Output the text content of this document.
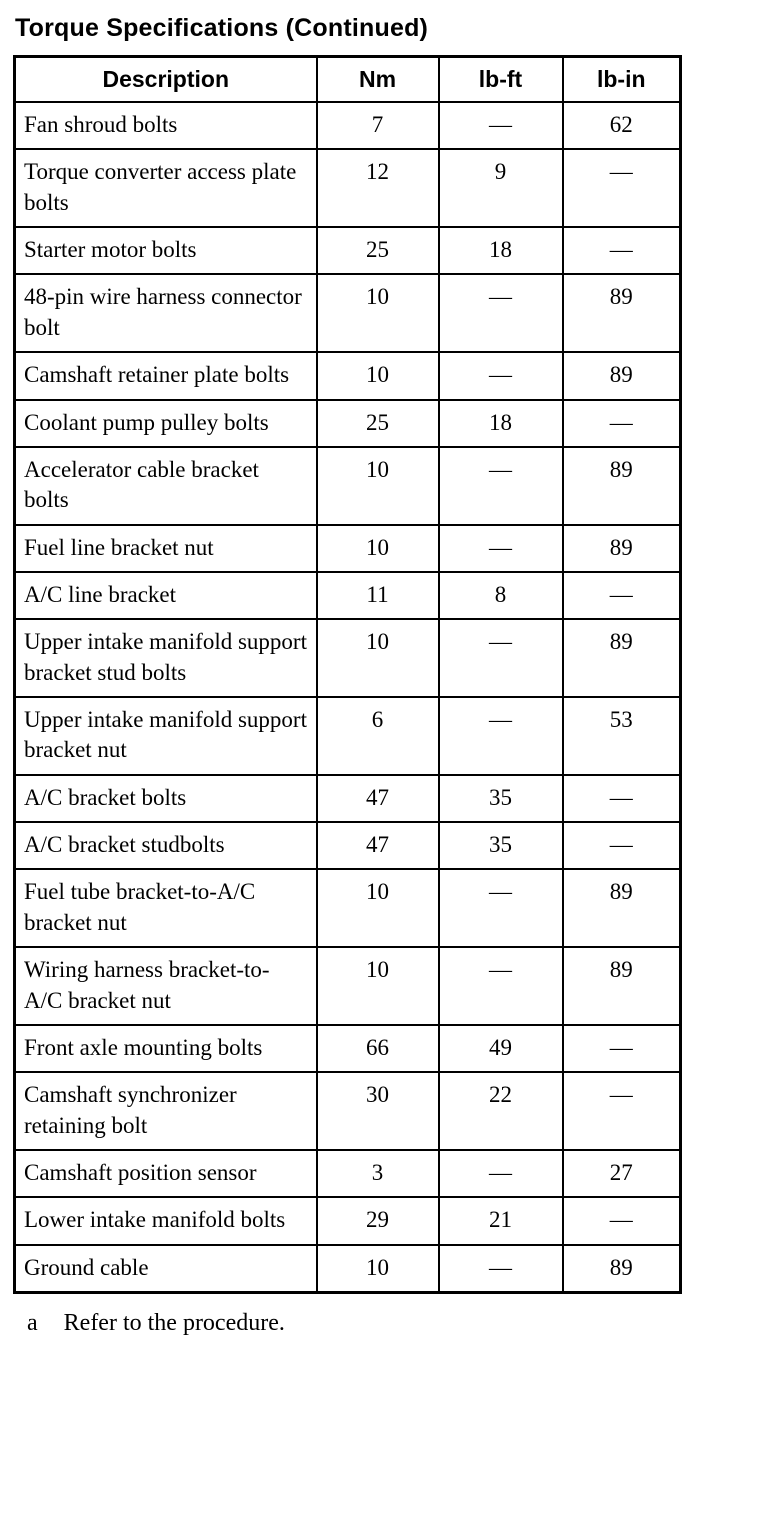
Torque Specifications (Continued)
Description	Nm	lb-ft	lb-in
Fan shroud bolts	7	—	62
Torque converter access plate bolts	12	9	—
Starter motor bolts	25	18	—
48-pin wire harness connector bolt	10	—	89
Camshaft retainer plate bolts	10	—	89
Coolant pump pulley bolts	25	18	—
Accelerator cable bracket bolts	10	—	89
Fuel line bracket nut	10	—	89
A/C line bracket	11	8	—
Upper intake manifold support bracket stud bolts	10	—	89
Upper intake manifold support bracket nut	6	—	53
A/C bracket bolts	47	35	—
A/C bracket studbolts	47	35	—
Fuel tube bracket-to-A/C bracket nut	10	—	89
Wiring harness bracket-to-A/C bracket nut	10	—	89
Front axle mounting bolts	66	49	—
Camshaft synchronizer retaining bolt	30	22	—
Camshaft position sensor	3	—	27
Lower intake manifold bolts	29	21	—
Ground cable	10	—	89

a Refer to the procedure.
